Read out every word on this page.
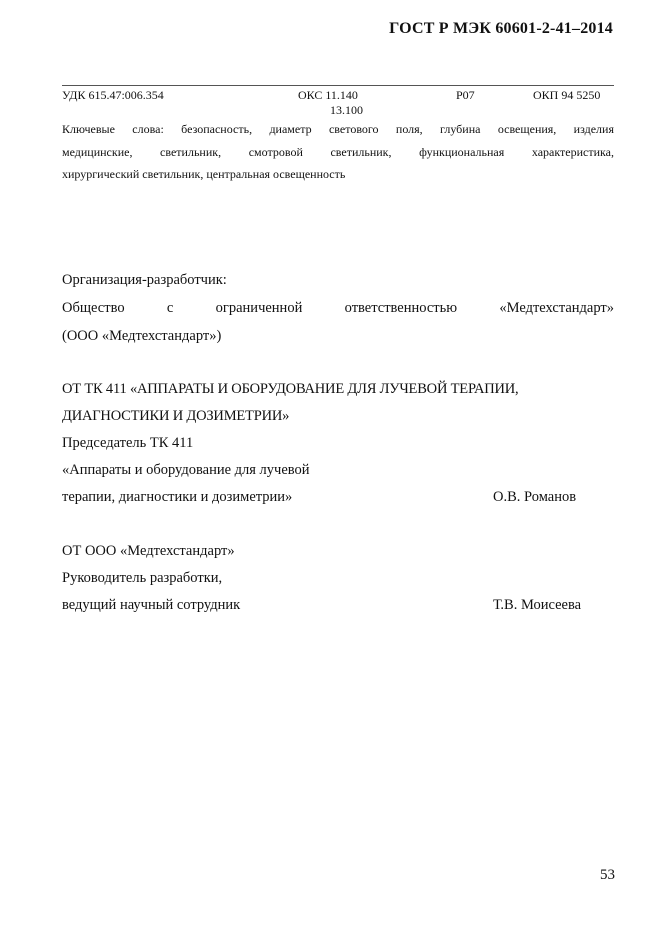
ГОСТ Р МЭК 60601-2-41–2014
УДК 615.47:006.354	ОКС 11.140
13.100
Р07	ОКП 94 5250
Ключевые слова: безопасность, диаметр светового поля, глубина освещения, изделия
медицинские, светильник, смотровой светильник, функциональная характеристика,
хирургический светильник, центральная освещенность
Организация-разработчик:
Общество с ограниченной ответственностью «Медтехстандарт»
(ООО «Медтехстандарт»)
ОТ ТК 411 «АППАРАТЫ И ОБОРУДОВАНИЕ ДЛЯ ЛУЧЕВОЙ ТЕРАПИИ,
ДИАГНОСТИКИ И ДОЗИМЕТРИИ»
Председатель ТК 411
«Аппараты и оборудование для лучевой
терапии, диагностики и дозиметрии»	О.В. Романов
ОТ ООО «Медтехстандарт»
Руководитель разработки,
ведущий научный сотрудник	Т.В. Моисеева
53
